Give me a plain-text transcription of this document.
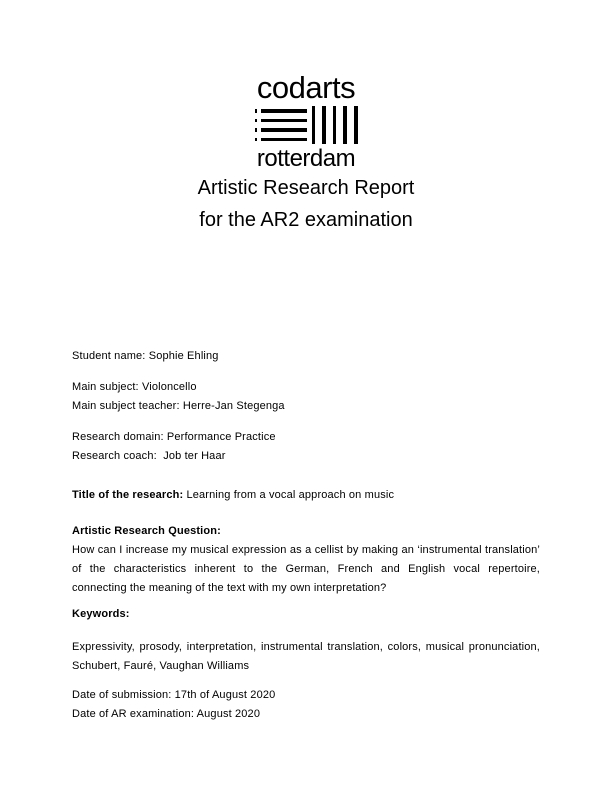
codarts
rotterdam
Artistic Research Report
for the AR2 examination
Student name: Sophie Ehling
Main subject: Violoncello
Main subject teacher: Herre-Jan Stegenga
Research domain: Performance Practice
Research coach:  Job ter Haar
Title of the research: Learning from a vocal approach on music
Artistic Research Question:
How can I increase my musical expression as a cellist by making an ‘instrumental translation’ of the characteristics inherent to the German, French and English vocal repertoire, connecting the meaning of the text with my own interpretation?
Keywords:
Expressivity, prosody, interpretation, instrumental translation, colors, musical pronunciation, Schubert, Fauré, Vaughan Williams
Date of submission: 17th of August 2020
Date of AR examination: August 2020
